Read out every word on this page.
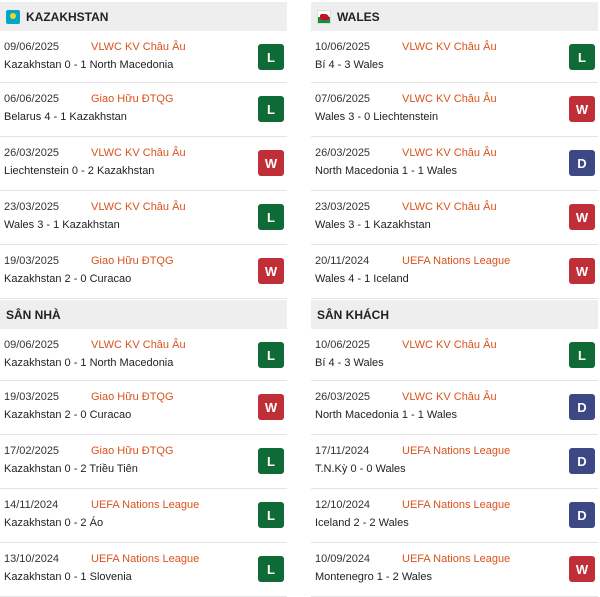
KAZAKHSTAN
09/06/2025	VLWC KV Châu Âu
Kazakhstan 0 - 1 North Macedonia
L
06/06/2025	Giao Hữu ĐTQG
Belarus 4 - 1 Kazakhstan
L
26/03/2025	VLWC KV Châu Âu
Liechtenstein 0 - 2 Kazakhstan
W
23/03/2025	VLWC KV Châu Âu
Wales 3 - 1 Kazakhstan
L
19/03/2025	Giao Hữu ĐTQG
Kazakhstan 2 - 0 Curacao
W
WALES
10/06/2025	VLWC KV Châu Âu
Bí 4 - 3 Wales
L
07/06/2025	VLWC KV Châu Âu
Wales 3 - 0 Liechtenstein
W
26/03/2025	VLWC KV Châu Âu
North Macedonia 1 - 1 Wales
D
23/03/2025	VLWC KV Châu Âu
Wales 3 - 1 Kazakhstan
W
20/11/2024	UEFA Nations League
Wales 4 - 1 Iceland
W
SÂN NHÀ
09/06/2025	VLWC KV Châu Âu
Kazakhstan 0 - 1 North Macedonia
L
19/03/2025	Giao Hữu ĐTQG
Kazakhstan 2 - 0 Curacao
W
17/02/2025	Giao Hữu ĐTQG
Kazakhstan 0 - 2 Triều Tiên
L
14/11/2024	UEFA Nations League
Kazakhstan 0 - 2 Áo
L
13/10/2024	UEFA Nations League
Kazakhstan 0 - 1 Slovenia
L
SÂN KHÁCH
10/06/2025	VLWC KV Châu Âu
Bí 4 - 3 Wales
L
26/03/2025	VLWC KV Châu Âu
North Macedonia 1 - 1 Wales
D
17/11/2024	UEFA Nations League
T.N.Kỳ 0 - 0 Wales
D
12/10/2024	UEFA Nations League
Iceland 2 - 2 Wales
D
10/09/2024	UEFA Nations League
Montenegro 1 - 2 Wales
W
